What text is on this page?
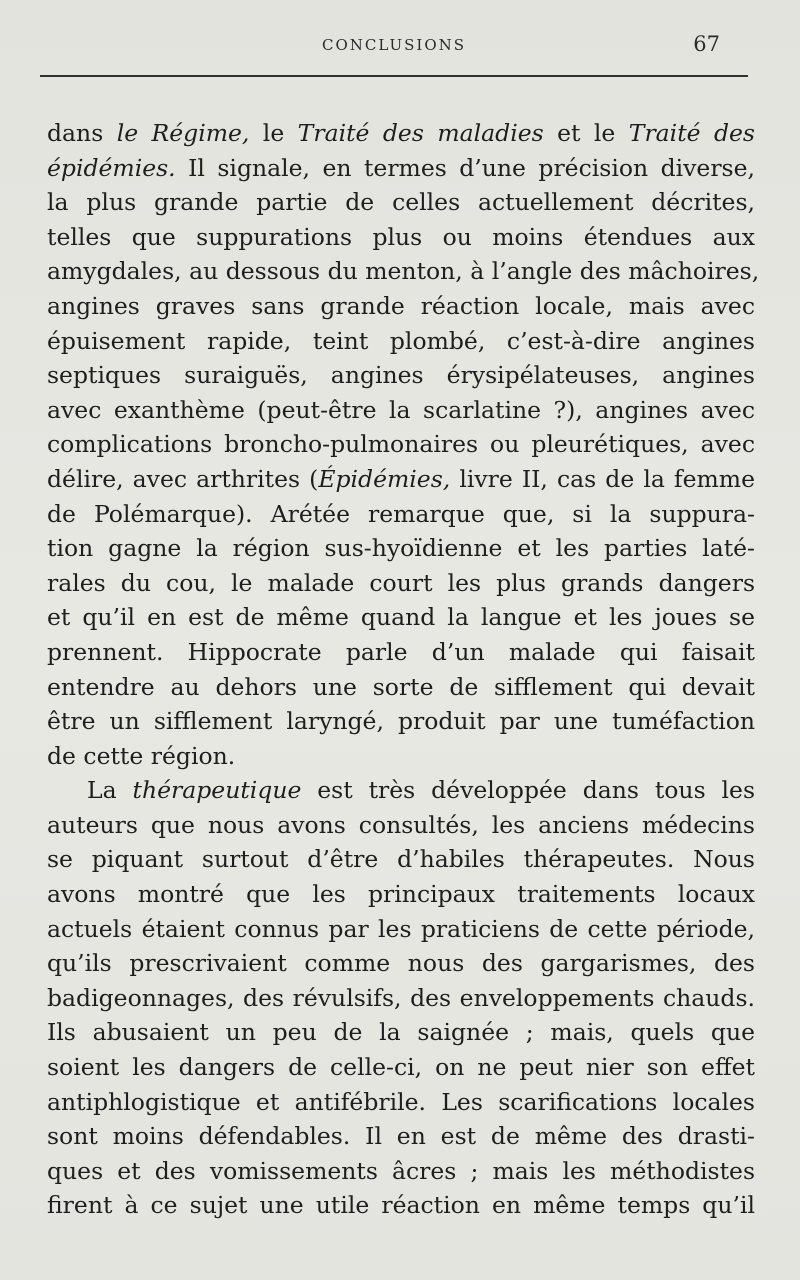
CONCLUSIONS	67
dans le Régime, le Traité des maladies et le Traité des
épidémies. Il signale, en termes d’une précision diverse,
la plus grande partie de celles actuellement décrites,
telles que suppurations plus ou moins étendues aux
amygdales, au dessous du menton, à l’angle des mâchoires,
angines graves sans grande réaction locale, mais avec
épuisement rapide, teint plombé, c’est-à-dire angines
septiques suraiguës, angines érysipélateuses, angines
avec exanthème (peut-être la scarlatine ?), angines avec
complications broncho-pulmonaires ou pleurétiques, avec
délire, avec arthrites (Épidémies, livre II, cas de la femme
de Polémarque). Arétée remarque que, si la suppura-
tion gagne la région sus-hyoïdienne et les parties laté-
rales du cou, le malade court les plus grands dangers
et qu’il en est de même quand la langue et les joues se
prennent. Hippocrate parle d’un malade qui faisait
entendre au dehors une sorte de sifflement qui devait
être un sifflement laryngé, produit par une tuméfaction
de cette région.
La thérapeutique est très développée dans tous les
auteurs que nous avons consultés, les anciens médecins
se piquant surtout d’être d’habiles thérapeutes. Nous
avons montré que les principaux traitements locaux
actuels étaient connus par les praticiens de cette période,
qu’ils prescrivaient comme nous des gargarismes, des
badigeonnages, des révulsifs, des enveloppements chauds.
Ils abusaient un peu de la saignée ; mais, quels que
soient les dangers de celle-ci, on ne peut nier son effet
antiphlogistique et antifébrile. Les scarifications locales
sont moins défendables. Il en est de même des drasti-
ques et des vomissements âcres ; mais les méthodistes
firent à ce sujet une utile réaction en même temps qu’il
